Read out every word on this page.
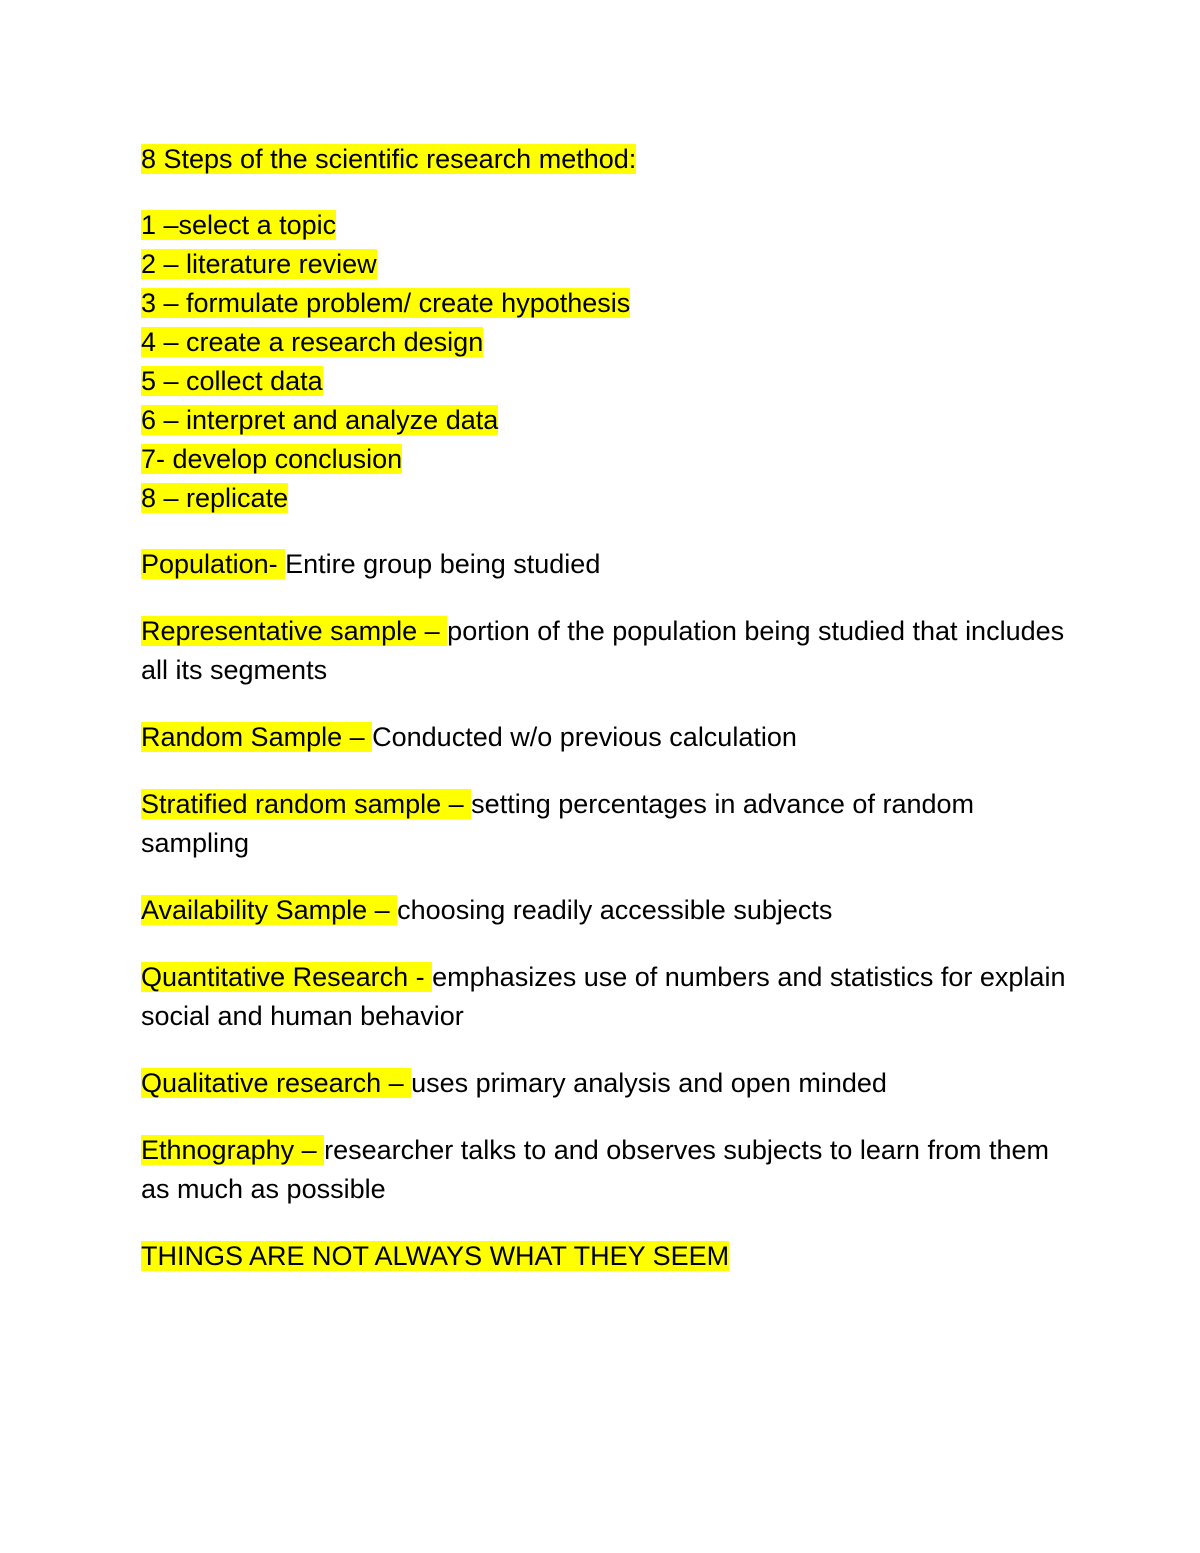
8 Steps of the scientific research method:

1 –select a topic
2 – literature review
3 – formulate problem/ create hypothesis
4 – create a research design
5 – collect data
6 – interpret and analyze data
7- develop conclusion
8 – replicate

Population- Entire group being studied

Representative sample – portion of the population being studied that includes all its segments

Random Sample – Conducted w/o previous calculation

Stratified random sample – setting percentages in advance of random sampling

Availability Sample – choosing readily accessible subjects

Quantitative Research - emphasizes use of numbers and statistics for explain social and human behavior

Qualitative research – uses primary analysis and open minded

Ethnography – researcher talks to and observes subjects to learn from them as much as possible

THINGS ARE NOT ALWAYS WHAT THEY SEEM
